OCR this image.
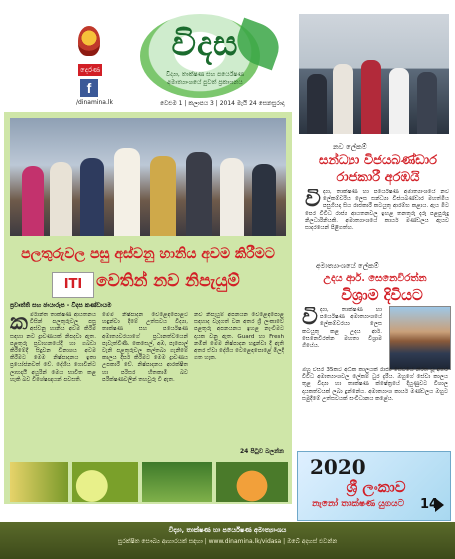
දෙරණ
f
/dinamina.lk
විදස
විද්‍යා, තාක්ෂණ සහ පර්යේෂණ
අමාත්‍යාංශයේ පුවත් ප්‍රකාශනය
වෙළුම 1 | කලාපය 3 | 2014 මැයි 24 සෙනසුරාදා
පලතුරුවල පසු අස්වනු හානිය අවම කිරීමට
ITI වෙතින් නව නිපැයුම්
ප්‍රවෘත්ති සහ ඡායාරූප - විදස කණ්ඩායම
ක ර්මාන්ත තාක්ෂණ ආයතනය විසින් පලතුරුවල පසු අස්වනු හානිය අවම කිරීම සඳහා නව ද්‍රාවණයක් නිපදවා ඇත. පළතුරු ප්‍රවාහනයේදී හා ගබඩා කිරීමේදී සිදුවන විනාශය අවම කිරීමට මෙම නිෂ්පාදනය ඉතා ප්‍රයෝජනවත් වේ. දේශීය ගොවීන්ට ලාභදායී අයුරින් මෙය භාවිත කළ හැකි බව විශේෂඥයන් පවසති.
මෙම නිෂ්පාදන වෙළෙඳපොළට හඳුන්වා දීමේ උත්සවය විද්‍යා, තාක්ෂණ සහ පර්යේෂණ අමාත්‍යවරයාගේ ප්‍රධානත්වයෙන් පැවැත්විණි. කෙසෙල්, අඹ, පැපොල් වැනි පළතුරුවල කල්තබා ගැනීමේ කාලය දීර්ඝ කිරීමට මෙම ද්‍රාවණය උපකාරී වේ. නිෂ්පාදනය ආරක්ෂිත හා පරිසර හිතකාමී බව පරීක්ෂණවලින් තහවුරු වී ඇත.
නව නිපැයුම් අපනයන වෙළෙඳපොළ සඳහාද වැදගත් වන අතර ශ්‍රී ලංකාවේ පළතුරු අපනයනය ඉහළ නැංවීමට දායක වනු ඇත. Guard හා Fresh නමින් මෙම නිෂ්පාදන හඳුන්වා දී ඇති අතර ඒවා දේශීය වෙළෙඳපොළේ මිලදී ගත හැක.
24 පිටුව බලන්න
නව ලේකම්
සන්ධ්‍යා විජයබණ්ඩාර
රාජකාරී අරඹයි
වි ද්‍යා, තාක්ෂණ හා පර්යේෂණ අමාත්‍යාංශයේ නව ලේකම්වරිය ලෙස සන්ධ්‍යා විජයබණ්ඩාර මහත්මිය පසුගියදා සිය රාජකාරී කටයුතු ආරම්භ කළාය. ඇය මීට පෙර විවිධ රාජ්‍ය ආයතනවල ඉහළ තනතුරු දැරූ පළපුරුදු නිලධාරිනියකි. අමාත්‍යාංශයේ කාර්ය මණ්ඩලය ඇයව සාදරයෙන් පිළිගත්හ.
අමාත්‍යාංශයේ ලේකම්
උදය ආර්. සෙනෙවිරත්න
විශ්‍රාම දිවියට
වි ද්‍යා, තාක්ෂණ හා පර්යේෂණ අමාත්‍යාංශයේ ලේකම්වරයා ලෙස කටයුතු කළ උදය ආර්. සෙනෙවිරත්න මහතා විශ්‍රාම ගියේය.
ඔහු වසර 35කට අධික කාලයක් රාජ්‍ය සේවයේ නිරත වූ අතර විවිධ අමාත්‍යාංශවල ලේකම් ධුර දැරීය. ඔහුගේ සේවා කාලය තුළ විද්‍යා හා තාක්ෂණ ක්ෂේත්‍රයේ දියුණුවට විශාල දායකත්වයක් ලබා දුන්නේය. අමාත්‍යාංශ කාර්ය මණ්ඩලය ඔහුට සමුදීමේ උත්සවයක් සංවිධානය කළේය.
2020
ශ්‍රී ලංකාව
නැනෝ තාක්ෂණ යුගයට	14
විද්‍යා, තාක්ෂණ හා පර්යේෂණ අමාත්‍යාංශය
සුරක්ෂිත සෞඛ්‍ය ආහාරයක් සඳහා | www.dinamina.lk/vidasa | ඔබේ අදහස් එවන්න
